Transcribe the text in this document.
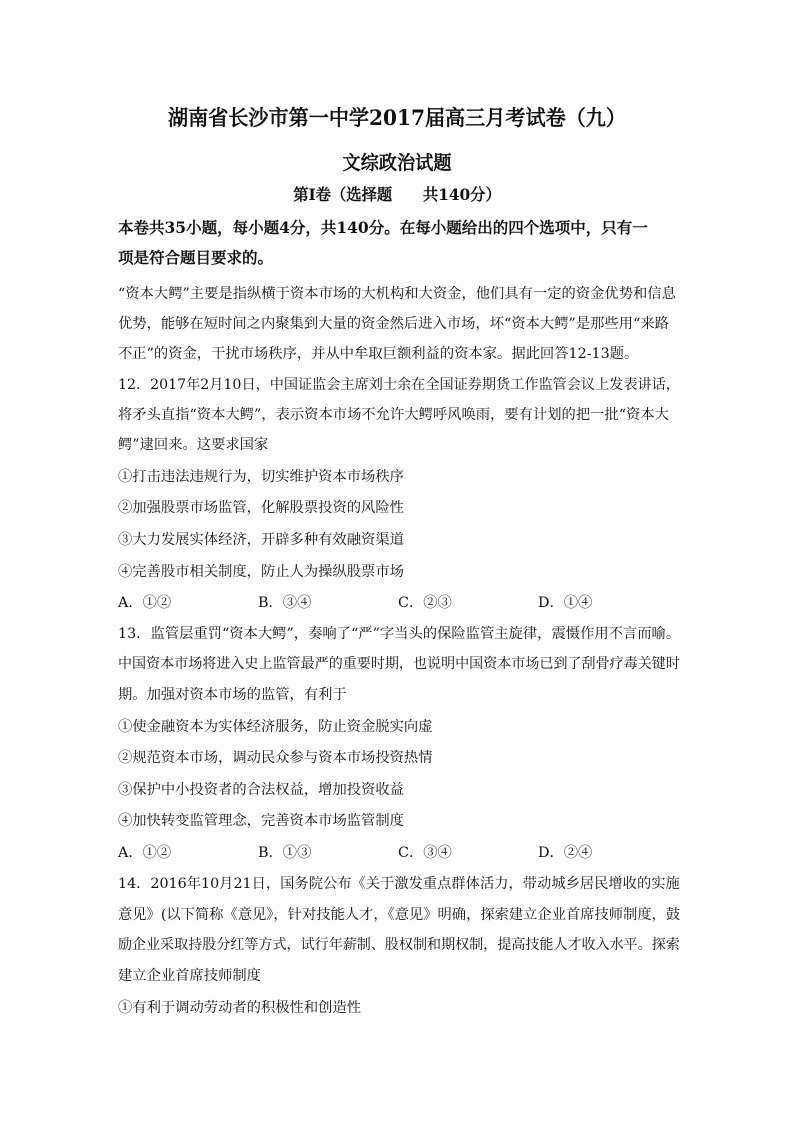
湖南省长沙市第一中学2017届高三月考试卷（九）
文综政治试题
第Ⅰ卷（选择题　　共140分）
本卷共35小题，每小题4分，共140分。在每小题给出的四个选项中，只有一
项是符合题目要求的。
“资本大鳄”主要是指纵横于资本市场的大机构和大资金，他们具有一定的资金优势和信息
优势，能够在短时间之内聚集到大量的资金然后进入市场，坏“资本大鳄”是那些用“来路
不正”的资金，干扰市场秩序，并从中牟取巨额利益的资本家。据此回答12-13题。
12．2017年2月10日，中国证监会主席刘士余在全国证券期货工作监管会议上发表讲话，
将矛头直指“资本大鳄”，表示资本市场不允许大鳄呼风唤雨，要有计划的把一批“资本大
鳄”逮回来。这要求国家
①打击违法违规行为，切实维护资本市场秩序
②加强股票市场监管，化解股票投资的风险性
③大力发展实体经济，开辟多种有效融资渠道
④完善股市相关制度，防止人为操纵股票市场
A．①②	B．③④	C．②③	D．①④
13．监管层重罚“资本大鳄”，奏响了“严”字当头的保险监管主旋律，震慑作用不言而喻。
中国资本市场将进入史上监管最严的重要时期，也说明中国资本市场已到了刮骨疗毒关键时
期。加强对资本市场的监管，有利于
①使金融资本为实体经济服务，防止资金脱实向虚
②规范资本市场，调动民众参与资本市场投资热情
③保护中小投资者的合法权益，增加投资收益
④加快转变监管理念，完善资本市场监管制度
A．①②	B．①③	C．③④	D．②④
14．2016年10月21日，国务院公布《关于激发重点群体活力，带动城乡居民增收的实施
意见》(以下简称《意见》，针对技能人才，《意见》明确，探索建立企业首席技师制度，鼓
励企业采取持股分红等方式，试行年薪制、股权制和期权制，提高技能人才收入水平。探索
建立企业首席技师制度
①有利于调动劳动者的积极性和创造性
